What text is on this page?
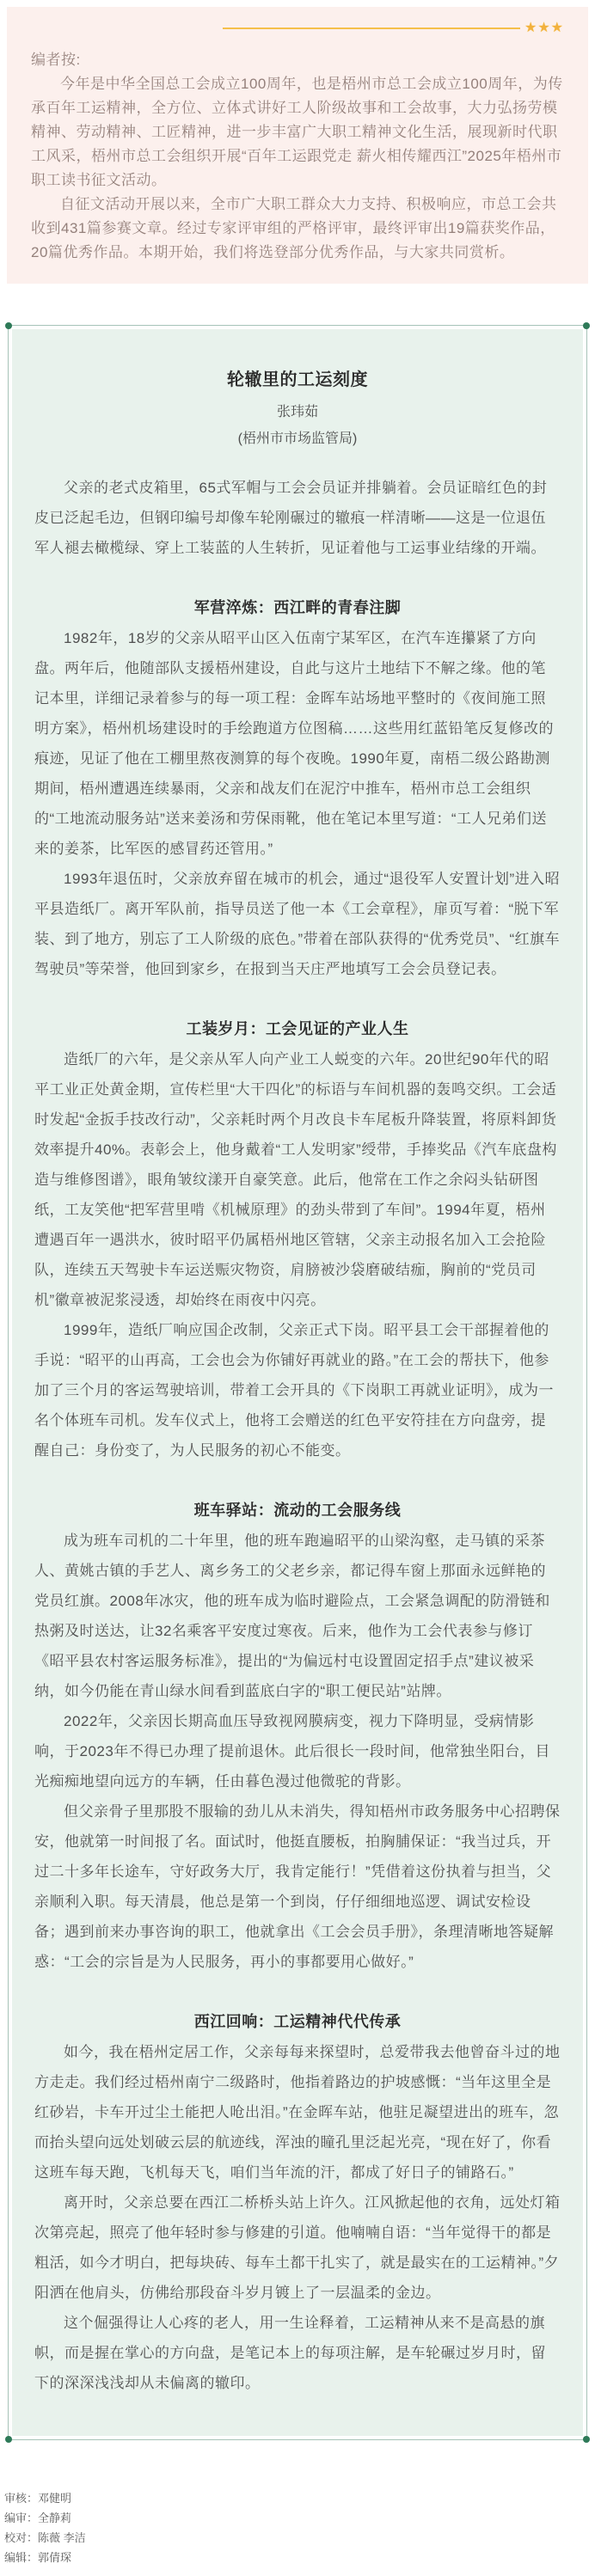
★★★

编者按:

今年是中华全国总工会成立100周年，也是梧州市总工会成立100周年，为传承百年工运精神，全方位、立体式讲好工人阶级故事和工会故事，大力弘扬劳模精神、劳动精神、工匠精神，进一步丰富广大职工精神文化生活，展现新时代职工风采，梧州市总工会组织开展“百年工运跟党走 薪火相传耀西江”2025年梧州市职工读书征文活动。

自征文活动开展以来，全市广大职工群众大力支持、积极响应，市总工会共收到431篇参赛文章。经过专家评审组的严格评审，最终评审出19篇获奖作品，20篇优秀作品。本期开始，我们将选登部分优秀作品，与大家共同赏析。

轮辙里的工运刻度

张玮茹

(梧州市市场监管局)

父亲的老式皮箱里，65式军帽与工会会员证并排躺着。会员证暗红色的封皮已泛起毛边，但钢印编号却像车轮刚碾过的辙痕一样清晰——这是一位退伍军人褪去橄榄绿、穿上工装蓝的人生转折，见证着他与工运事业结缘的开端。

军营淬炼：西江畔的青春注脚

1982年，18岁的父亲从昭平山区入伍南宁某军区，在汽车连攥紧了方向盘。两年后，他随部队支援梧州建设，自此与这片土地结下不解之缘。他的笔记本里，详细记录着参与的每一项工程：金晖车站场地平整时的《夜间施工照明方案》，梧州机场建设时的手绘跑道方位图稿……这些用红蓝铅笔反复修改的痕迹，见证了他在工棚里熬夜测算的每个夜晚。1990年夏，南梧二级公路勘测期间，梧州遭遇连续暴雨，父亲和战友们在泥泞中推车，梧州市总工会组织的“工地流动服务站”送来姜汤和劳保雨靴，他在笔记本里写道：“工人兄弟们送来的姜茶，比军医的感冒药还管用。”

1993年退伍时，父亲放弃留在城市的机会，通过“退役军人安置计划”进入昭平县造纸厂。离开军队前，指导员送了他一本《工会章程》，扉页写着：“脱下军装、到了地方，别忘了工人阶级的底色。”带着在部队获得的“优秀党员”、“红旗车驾驶员”等荣誉，他回到家乡，在报到当天庄严地填写工会会员登记表。

工装岁月：工会见证的产业人生

造纸厂的六年，是父亲从军人向产业工人蜕变的六年。20世纪90年代的昭平工业正处黄金期，宣传栏里“大干四化”的标语与车间机器的轰鸣交织。工会适时发起“金扳手技改行动”，父亲耗时两个月改良卡车尾板升降装置，将原料卸货效率提升40%。表彰会上，他身戴着“工人发明家”绶带，手捧奖品《汽车底盘构造与维修图谱》，眼角皱纹漾开自豪笑意。此后，他常在工作之余闷头钻研图纸，工友笑他“把军营里啃《机械原理》的劲头带到了车间”。1994年夏，梧州遭遇百年一遇洪水，彼时昭平仍属梧州地区管辖，父亲主动报名加入工会抢险队，连续五天驾驶卡车运送赈灾物资，肩膀被沙袋磨破结痂，胸前的“党员司机”徽章被泥浆浸透，却始终在雨夜中闪亮。

1999年，造纸厂响应国企改制，父亲正式下岗。昭平县工会干部握着他的手说：“昭平的山再高，工会也会为你铺好再就业的路。”在工会的帮扶下，他参加了三个月的客运驾驶培训，带着工会开具的《下岗职工再就业证明》，成为一名个体班车司机。发车仪式上，他将工会赠送的红色平安符挂在方向盘旁，提醒自己：身份变了，为人民服务的初心不能变。

班车驿站：流动的工会服务线

成为班车司机的二十年里，他的班车跑遍昭平的山梁沟壑，走马镇的采茶人、黄姚古镇的手艺人、离乡务工的父老乡亲，都记得车窗上那面永远鲜艳的党员红旗。2008年冰灾，他的班车成为临时避险点，工会紧急调配的防滑链和热粥及时送达，让32名乘客平安度过寒夜。后来，他作为工会代表参与修订《昭平县农村客运服务标准》，提出的“为偏远村屯设置固定招手点”建议被采纳，如今仍能在青山绿水间看到蓝底白字的“职工便民站”站牌。

2022年，父亲因长期高血压导致视网膜病变，视力下降明显，受病情影响，于2023年不得已办理了提前退休。此后很长一段时间，他常独坐阳台，目光痴痴地望向远方的车辆，任由暮色漫过他微驼的背影。

但父亲骨子里那股不服输的劲儿从未消失，得知梧州市政务服务中心招聘保安，他就第一时间报了名。面试时，他挺直腰板，拍胸脯保证：“我当过兵，开过二十多年长途车，守好政务大厅，我肯定能行！”凭借着这份执着与担当，父亲顺利入职。每天清晨，他总是第一个到岗，仔仔细细地巡逻、调试安检设备；遇到前来办事咨询的职工，他就拿出《工会会员手册》，条理清晰地答疑解惑：“工会的宗旨是为人民服务，再小的事都要用心做好。”

西江回响：工运精神代代传承

如今，我在梧州定居工作，父亲每每来探望时，总爱带我去他曾奋斗过的地方走走。我们经过梧州南宁二级路时，他指着路边的护坡感慨：“当年这里全是红砂岩，卡车开过尘土能把人呛出泪。”在金晖车站，他驻足凝望进出的班车，忽而抬头望向远处划破云层的航迹线，浑浊的瞳孔里泛起光亮，“现在好了，你看这班车每天跑，飞机每天飞，咱们当年流的汗，都成了好日子的铺路石。”

离开时，父亲总要在西江二桥桥头站上许久。江风掀起他的衣角，远处灯箱次第亮起，照亮了他年轻时参与修建的引道。他喃喃自语：“当年觉得干的都是粗活，如今才明白，把每块砖、每车土都干扎实了，就是最实在的工运精神。”夕阳洒在他肩头，仿佛给那段奋斗岁月镀上了一层温柔的金边。

这个倔强得让人心疼的老人，用一生诠释着，工运精神从来不是高悬的旗帜，而是握在掌心的方向盘，是笔记本上的每项注解，是车轮碾过岁月时，留下的深深浅浅却从未偏离的辙印。

审核：邓健明

编审：全静莉

校对：陈薇 李洁

编辑：郭倩琛
